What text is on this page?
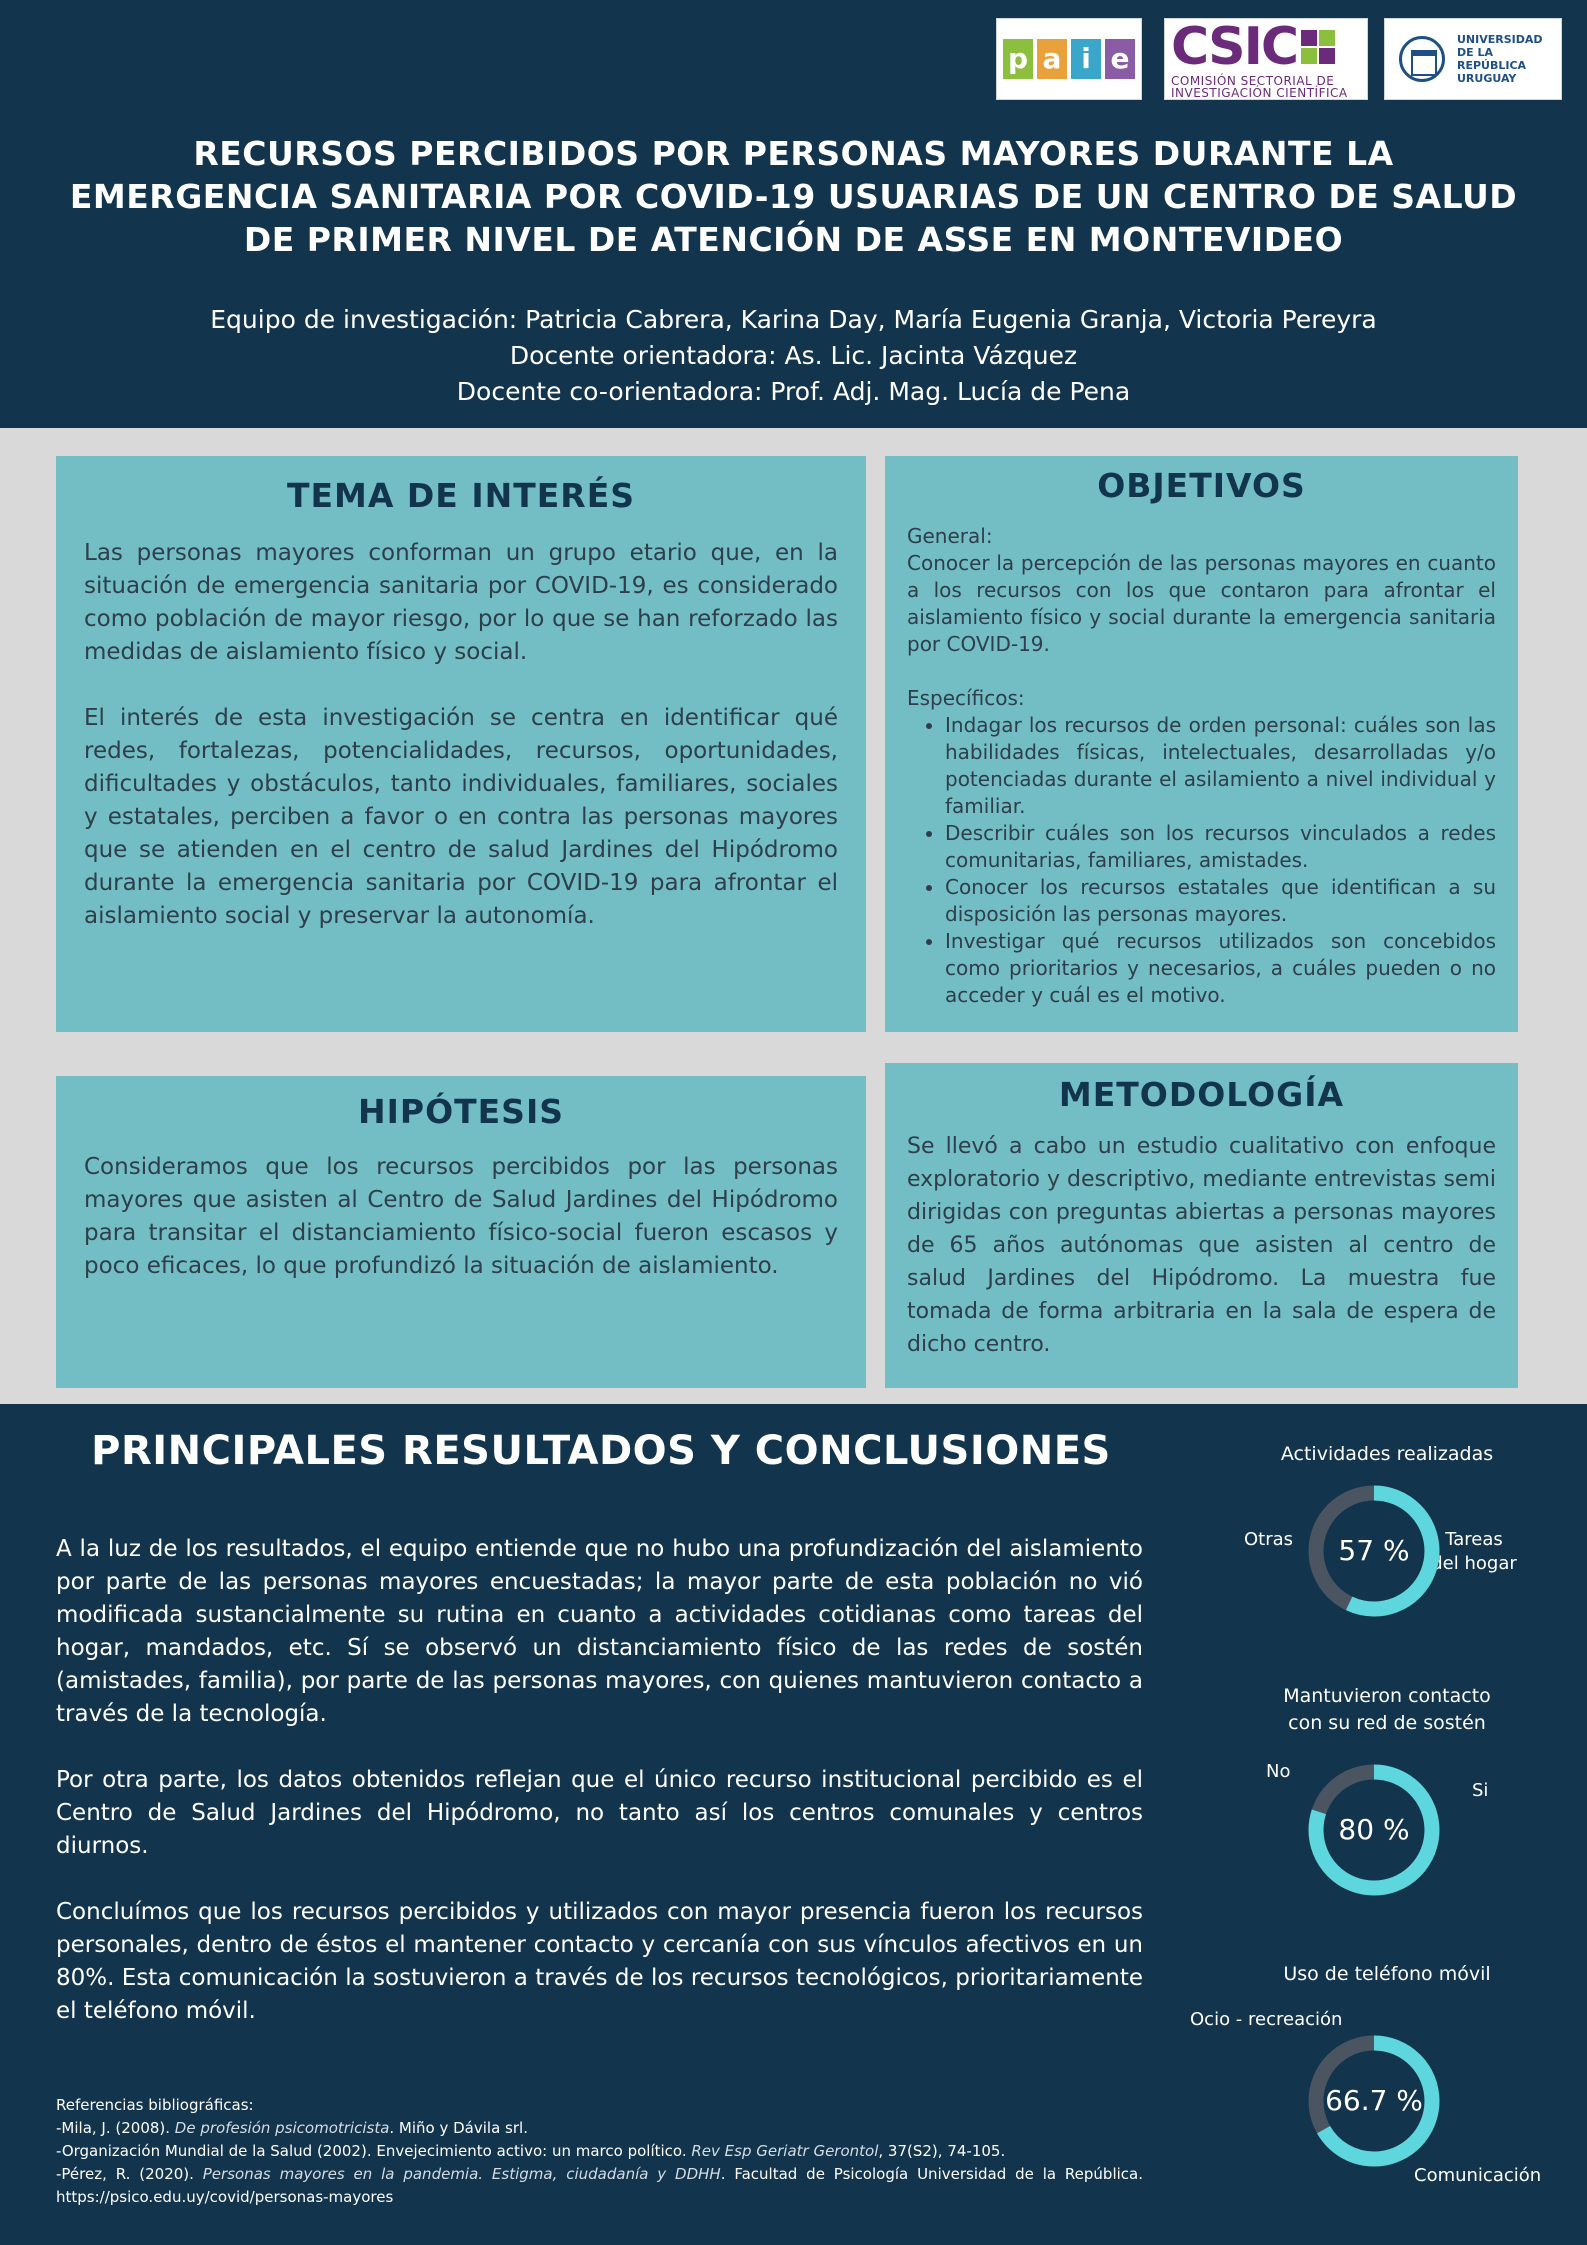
p a i e CSIC
COMISIÓN SECTORIAL DE
INVESTIGACIÓN CIENTÍFICA
UNIVERSIDAD
DE LA REPÚBLICA
URUGUAY
RECURSOS PERCIBIDOS POR PERSONAS MAYORES DURANTE LA
EMERGENCIA SANITARIA POR COVID-19 USUARIAS DE UN CENTRO DE SALUD
DE PRIMER NIVEL DE ATENCIÓN DE ASSE EN MONTEVIDEO
Equipo de investigación: Patricia Cabrera, Karina Day, María Eugenia Granja, Victoria Pereyra
Docente orientadora: As. Lic. Jacinta Vázquez
Docente co-orientadora: Prof. Adj. Mag. Lucía de Pena
TEMA DE INTERÉS

Las personas mayores conforman un grupo etario que, en la situación de emergencia sanitaria por COVID-19, es considerado como población de mayor riesgo, por lo que se han reforzado las medidas de aislamiento físico y social.

El interés de esta investigación se centra en identificar qué redes, fortalezas, potencialidades, recursos, oportunidades, dificultades y obstáculos, tanto individuales, familiares, sociales y estatales, perciben a favor o en contra las personas mayores que se atienden en el centro de salud Jardines del Hipódromo durante la emergencia sanitaria por COVID-19 para afrontar el aislamiento social y preservar la autonomía.

OBJETIVOS
General:
Conocer la percepción de las personas mayores en cuanto a los recursos con los que contaron para afrontar el aislamiento físico y social durante la emergencia sanitaria por COVID-19.
Específicos:
• Indagar los recursos de orden personal: cuáles son las habilidades físicas, intelectuales, desarrolladas y/o potenciadas durante el asilamiento a nivel individual y familiar.
• Describir cuáles son los recursos vinculados a redes comunitarias, familiares, amistades.
• Conocer los recursos estatales que identifican a su disposición las personas mayores.
• Investigar qué recursos utilizados son concebidos como prioritarios y necesarios, a cuáles pueden o no acceder y cuál es el motivo.
HIPÓTESIS

Consideramos que los recursos percibidos por las personas mayores que asisten al Centro de Salud Jardines del Hipódromo para transitar el distanciamiento físico-social fueron escasos y poco eficaces, lo que profundizó la situación de aislamiento.

METODOLOGÍA

Se llevó a cabo un estudio cualitativo con enfoque exploratorio y descriptivo, mediante entrevistas semi dirigidas con preguntas abiertas a personas mayores de 65 años autónomas que asisten al centro de salud Jardines del Hipódromo. La muestra fue tomada de forma arbitraria en la sala de espera de dicho centro.

PRINCIPALES RESULTADOS Y CONCLUSIONES

A la luz de los resultados, el equipo entiende que no hubo una profundización del aislamiento por parte de las personas mayores encuestadas; la mayor parte de esta población no vió modificada sustancialmente su rutina en cuanto a actividades cotidianas como tareas del hogar, mandados, etc. Sí se observó un distanciamiento físico de las redes de sostén (amistades, familia), por parte de las personas mayores, con quienes mantuvieron contacto a través de la tecnología.

Por otra parte, los datos obtenidos reflejan que el único recurso institucional percibido es el Centro de Salud Jardines del Hipódromo, no tanto así los centros comunales y centros diurnos.

Concluímos que los recursos percibidos y utilizados con mayor presencia fueron los recursos personales, dentro de éstos el mantener contacto y cercanía con sus vínculos afectivos en un 80%. Esta comunicación la sostuvieron a través de los recursos tecnológicos, prioritariamente el teléfono móvil.

Referencias bibliográficas:
-Mila, J. (2008). De profesión psicomotricista. Miño y Dávila srl.
-Organización Mundial de la Salud (2002). Envejecimiento activo: un marco político. Rev Esp Geriatr Gerontol, 37(S2), 74-105.
-Pérez, R. (2020). Personas mayores en la pandemia. Estigma, ciudadanía y DDHH. Facultad de Psicología Universidad de la República. https://psico.edu.uy/covid/personas-mayores
Actividades realizadas
Otras	Tareas
del hogar
57 %
Mantuvieron contacto
con su red de sostén
No
Si
80 %
Uso de teléfono móvil
Ocio - recreación
Comunicación
66.7 %
